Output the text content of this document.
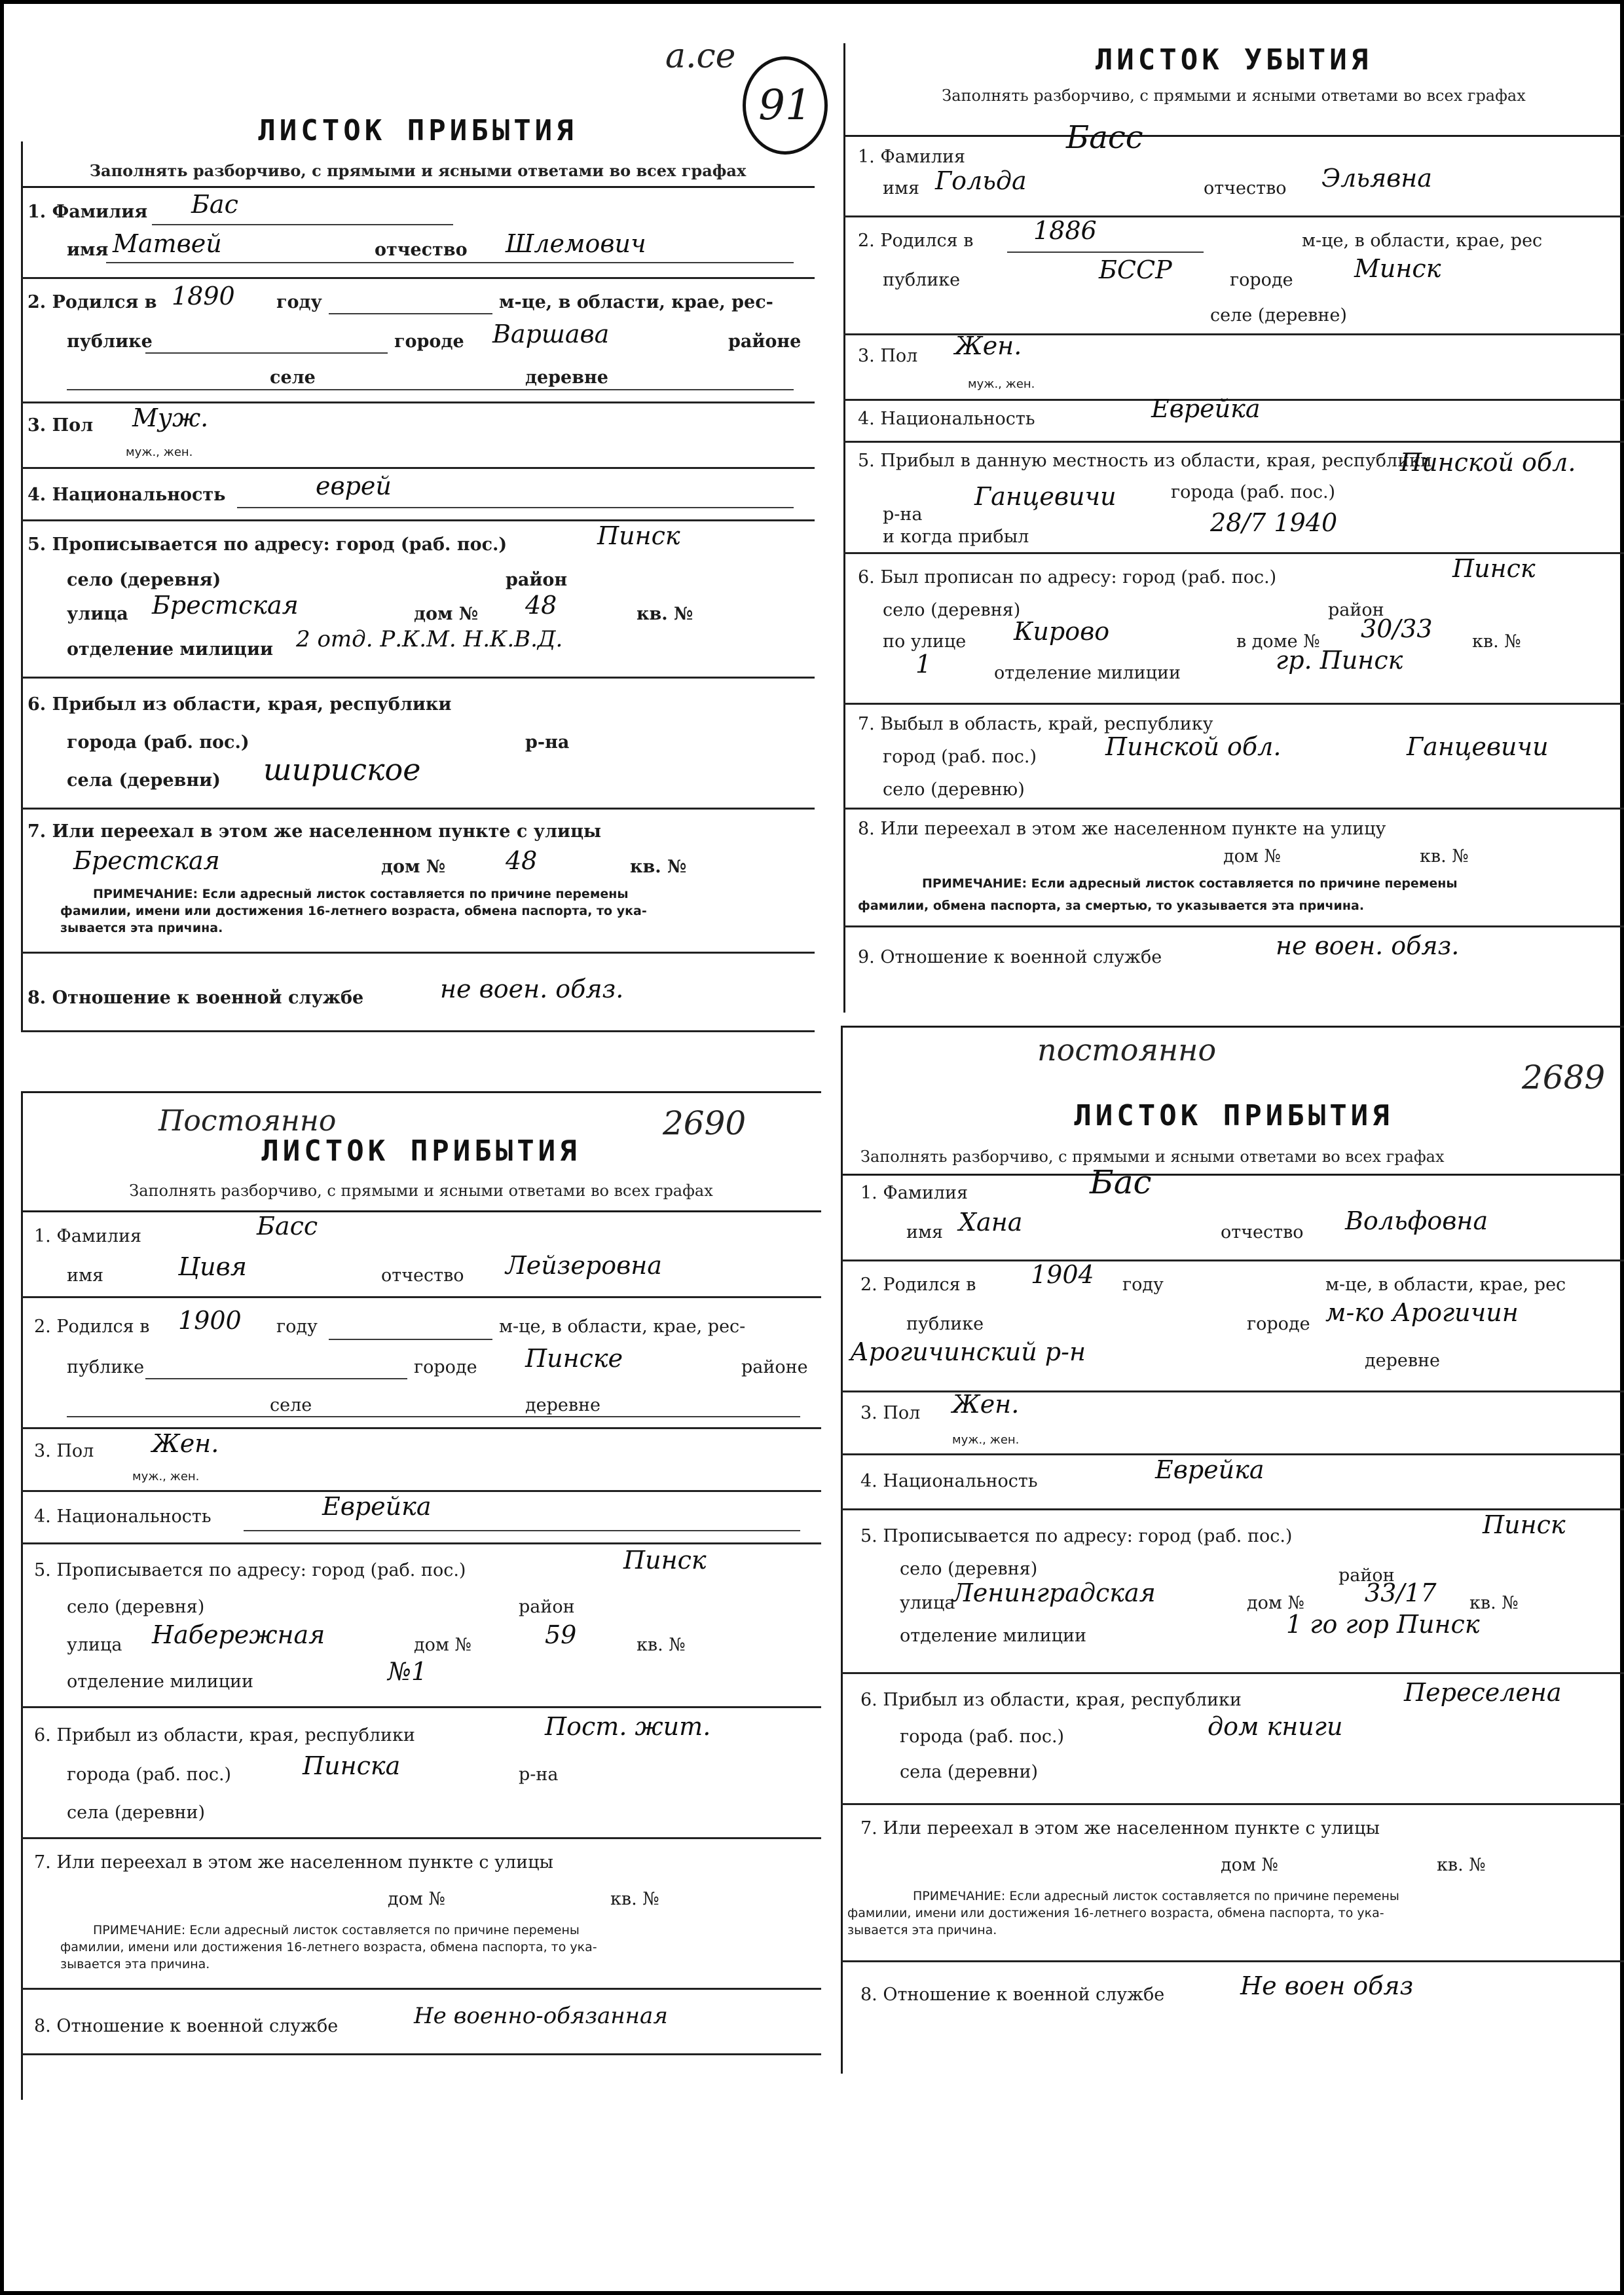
а.се
91
ЛИСТОК ПРИБЫТИЯ
Заполнять разборчиво, с прямыми и ясными ответами во всех графах
1. Фамилия Бас
имя Матвей	отчество Шлемович
2. Родился в 1890 году	м-це, в области, крае, рес-
публике	городе Варшава	районе
селе	деревне
3. Пол Муж.
муж., жен.
4. Национальность	еврей
5. Прописывается по адресу: город (раб. пос.)	Пинск
село (деревня)	район
улица Брестская	дом № 48	кв. №
отделение милиции 2 отд. Р.К.М. Н.К.В.Д.
6. Прибыл из области, края, республики
города (раб. пос.)	р-на
села (деревни) шириское
7. Или переехал в этом же населенном пункте с улицы
Брестская	дом № 48	кв. №
ПРИМЕЧАНИЕ: Если адресный листок составляется по причине перемены
фамилии, имени или достижения 16-летнего возраста, обмена паспорта, то ука-
зывается эта причина.
8. Отношение к военной службе	не воен. обяз.
ЛИСТОК УБЫТИЯ
Заполнять разборчиво, с прямыми и ясными ответами во всех графах
1. Фамилия
Басс
имя Гольда	отчество Эльявна
2. Родился в 1886	м-це, в области, крае, рес
публике	БССР	городе Минск
селе (деревне)
3. Пол Жен.
муж., жен.
4. Национальность	Еврейка
5. Прибыл в данную местность из области, края, республики
Пинской обл.
города (раб. пос.)
р-на
Ганцевичи
и когда прибыл	28/7 1940
6. Был прописан по адресу: город (раб. пос.)	Пинск
село (деревня)	район
по улице Кирово	в доме № 30/33 кв. №
1	отделение милиции	гр. Пинск
7. Выбыл в область, край, республику
город (раб. пос.)	Пинской обл.	Ганцевичи
село (деревню)
8. Или переехал в этом же населенном пункте на улицу
дом №	кв. №
ПРИМЕЧАНИЕ: Если адресный листок составляется по причине перемены
фамилии, обмена паспорта, за смертью, то указывается эта причина.
9. Отношение к военной службе	не воен. обяз.
Постоянно	2690
ЛИСТОК ПРИБЫТИЯ
Заполнять разборчиво, с прямыми и ясными ответами во всех графах
1. Фамилия	Басс
имя	Цивя	отчество Лейзеровна
2. Родился в 1900 году	м-це, в области, крае, рес-
публике	городе Пинске	районе
селе	деревне
3. Пол Жен.
муж., жен.
4. Национальность	Еврейка
5. Прописывается по адресу: город (раб. пос.)	Пинск
село (деревня)	район
улица Набережная	дом №	59	кв. №
отделение милиции	№1
6. Прибыл из области, края, республики	Пост. жит.
города (раб. пос.)	Пинска	р-на
села (деревни)
7. Или переехал в этом же населенном пункте с улицы
дом №	кв. №
ПРИМЕЧАНИЕ: Если адресный листок составляется по причине перемены
фамилии, имени или достижения 16-летнего возраста, обмена паспорта, то ука-
зывается эта причина.
8. Отношение к военной службе	Не военно-обязанная
постоянно
2689
ЛИСТОК ПРИБЫТИЯ
Заполнять разборчиво, с прямыми и ясными ответами во всех графах
1. Фамилия	Бас
имя Хана	отчество Вольфовна
2. Родился в 1904 году	м-це, в области, крае, рес
публике	городе м-ко Арогичин
Арогичинский р-н	деревне
3. Пол Жен.
муж., жен.
4. Национальность	Еврейка
5. Прописывается по адресу: город (раб. пос.)	Пинск
село (деревня)	район
улица
Ленинградская	дом № 33/17 кв. №
отделение милиции	1 го гор Пинск
6. Прибыл из области, края, республики	Переселена
города (раб. пос.)	дом книги
села (деревни)
7. Или переехал в этом же населенном пункте с улицы
дом №	кв. №
ПРИМЕЧАНИЕ: Если адресный листок составляется по причине перемены
фамилии, имени или достижения 16-летнего возраста, обмена паспорта, то ука-
зывается эта причина.
8. Отношение к военной службе	Не воен обяз
